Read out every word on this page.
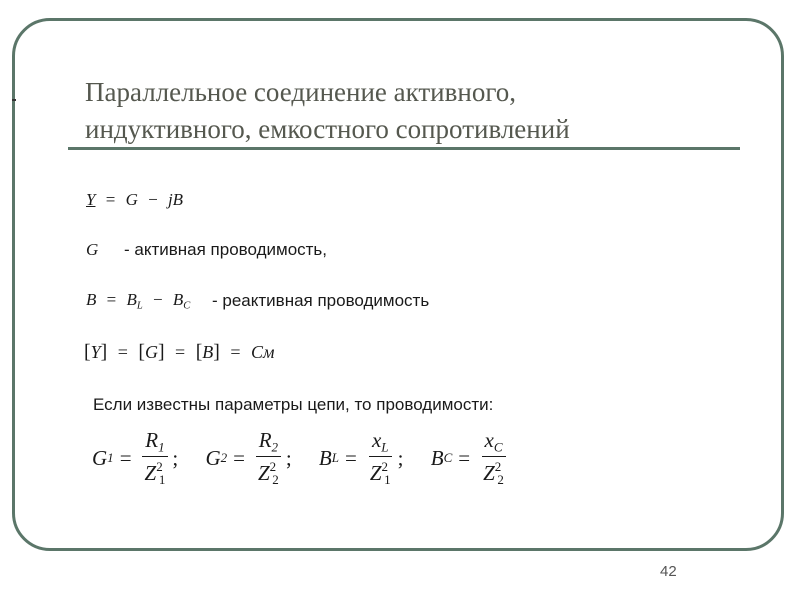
Параллельное соединение активного,
индуктивного, емкостного сопротивлений
Y = G − jB
G - активная проводимость,
$B = B_L - B_C$ - реактивная проводимость
[Y] = [G] = [B] = См
Если известны параметры цепи, то проводимости:
G $1 = \frac{R_1}{Z^2_1}$ ;
G $2 = \frac{R_2}{Z^2_2}$ ;
B $L = \frac{x_L}{Z^2_1}$ ;
B $C = \frac{x_C}{Z^2_2}$
42
